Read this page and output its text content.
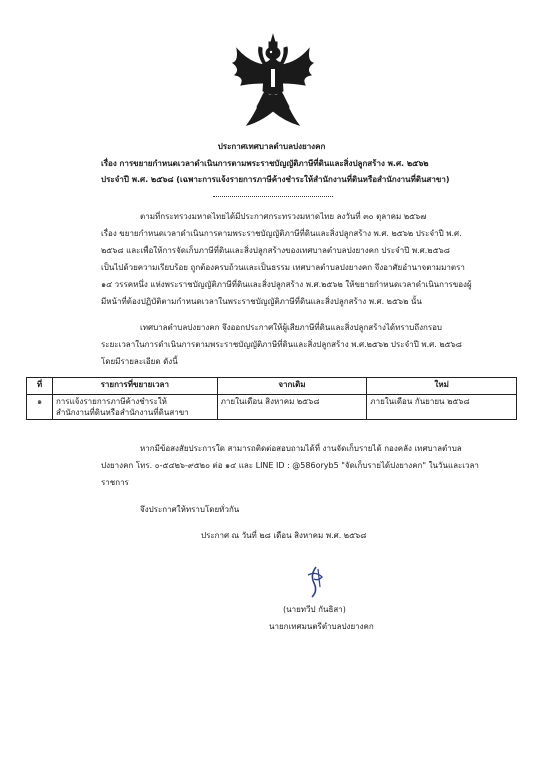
ประกาศเทศบาลตำบลปงยางคก
เรื่อง การขยายกำหนดเวลาดำเนินการตามพระราชบัญญัติภาษีที่ดินและสิ่งปลูกสร้าง พ.ศ. ๒๕๖๒
ประจำปี พ.ศ. ๒๕๖๘ (เฉพาะการแจ้งรายการภาษีค้างชำระให้สำนักงานที่ดินหรือสำนักงานที่ดินสาขา)
ตามที่กระทรวงมหาดไทยได้มีประกาศกระทรวงมหาดไทย ลงวันที่ ๓๐ ตุลาคม ๒๕๖๗
เรื่อง ขยายกำหนดเวลาดำเนินการตามพระราชบัญญัติภาษีที่ดินและสิ่งปลูกสร้าง พ.ศ. ๒๕๖๒ ประจำปี พ.ศ.
๒๕๖๘ และเพื่อให้การจัดเก็บภาษีที่ดินและสิ่งปลูกสร้างของเทศบาลตำบลปงยางคก ประจำปี พ.ศ.๒๕๖๘
เป็นไปด้วยความเรียบร้อย ถูกต้องครบถ้วนและเป็นธรรม เทศบาลตำบลปงยางคก จึงอาศัยอำนาจตามมาตรา
๑๔ วรรคหนึ่ง แห่งพระราชบัญญัติภาษีที่ดินและสิ่งปลูกสร้าง พ.ศ.๒๕๖๒ ให้ขยายกำหนดเวลาดำเนินการของผู้
มีหน้าที่ต้องปฏิบัติตามกำหนดเวลาในพระราชบัญญัติภาษีที่ดินและสิ่งปลูกสร้าง พ.ศ. ๒๕๖๒ นั้น
เทศบาลตำบลปงยางคก จึงออกประกาศให้ผู้เสียภาษีที่ดินและสิ่งปลูกสร้างได้ทราบถึงกรอบ
ระยะเวลาในการดำเนินการตามพระราชบัญญัติภาษีที่ดินและสิ่งปลูกสร้าง พ.ศ.๒๕๖๒ ประจำปี พ.ศ. ๒๕๖๘
โดยมีรายละเอียด ดังนี้
ที่	รายการที่ขยายเวลา	จากเดิม	ใหม่
๑	การแจ้งรายการภาษีค้างชำระให้
สำนักงานที่ดินหรือสำนักงานที่ดินสาขา	ภายในเดือน สิงหาคม ๒๕๖๘	ภายในเดือน กันยายน ๒๕๖๘
หากมีข้อสงสัยประการใด สามารถติดต่อสอบถามได้ที่ งานจัดเก็บรายได้ กองคลัง เทศบาลตำบล
ปงยางคก โทร. ๐-๕๔๒๖-๙๕๒๐ ต่อ ๑๔ และ LINE ID : @586oryb5 "จัดเก็บรายได้ปงยางคก" ในวันและเวลา
ราชการ
จึงประกาศให้ทราบโดยทั่วกัน
ประกาศ ณ วันที่ ๒๘ เดือน สิงหาคม พ.ศ. ๒๕๖๘
(นายทวีป กันธิสา)
นายกเทศมนตรีตำบลปงยางคก
